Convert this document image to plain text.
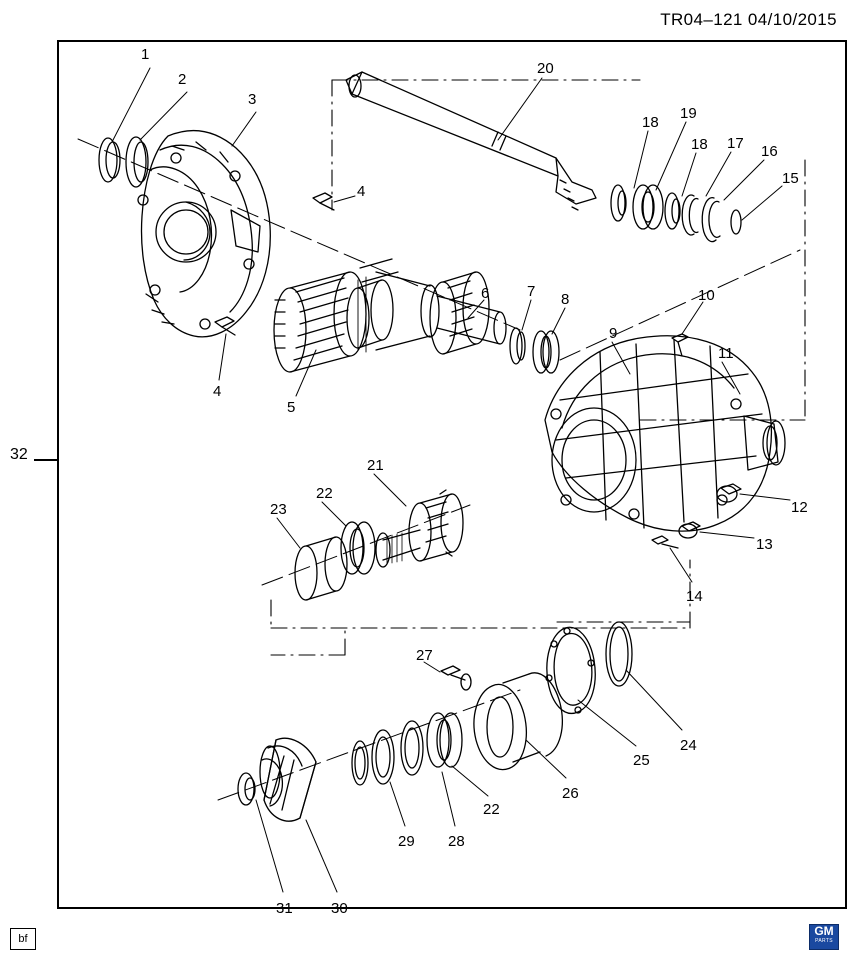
TR04–121 04/10/2015
32
1
2
3
4
4
5
6	7 8
9
10
11
12
13
14
15
16
17
18
18
19
20
21
22
22
23
24
25
26
27
28
29
30
31
bf
GM
PARTS
